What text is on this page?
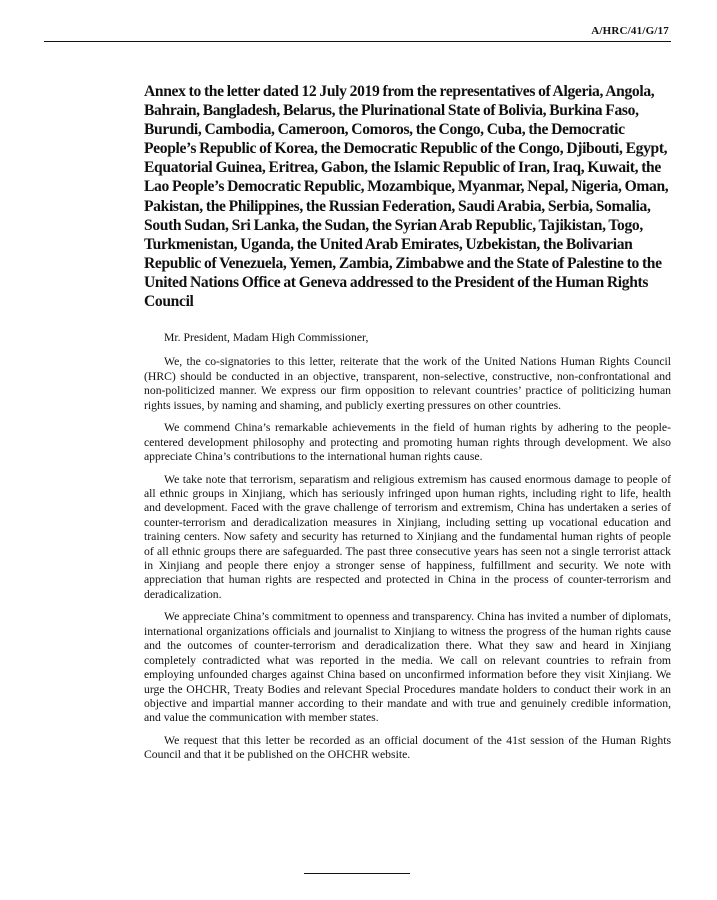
A/HRC/41/G/17
Annex to the letter dated 12 July 2019 from the representatives of Algeria, Angola, Bahrain, Bangladesh, Belarus, the Plurinational State of Bolivia, Burkina Faso, Burundi, Cambodia, Cameroon, Comoros, the Congo, Cuba, the Democratic People’s Republic of Korea, the Democratic Republic of the Congo, Djibouti, Egypt, Equatorial Guinea, Eritrea, Gabon, the Islamic Republic of Iran, Iraq, Kuwait, the Lao People’s Democratic Republic, Mozambique, Myanmar, Nepal, Nigeria, Oman, Pakistan, the Philippines, the Russian Federation, Saudi Arabia, Serbia, Somalia, South Sudan, Sri Lanka, the Sudan, the Syrian Arab Republic, Tajikistan, Togo, Turkmenistan, Uganda, the United Arab Emirates, Uzbekistan, the Bolivarian Republic of Venezuela, Yemen, Zambia, Zimbabwe and the State of Palestine to the United Nations Office at Geneva addressed to the President of the Human Rights Council

Mr. President, Madam High Commissioner,

We, the co-signatories to this letter, reiterate that the work of the United Nations Human Rights Council (HRC) should be conducted in an objective, transparent, non-selective, constructive, non-confrontational and non-politicized manner. We express our firm opposition to relevant countries’ practice of politicizing human rights issues, by naming and shaming, and publicly exerting pressures on other countries.

We commend China’s remarkable achievements in the field of human rights by adhering to the people-centered development philosophy and protecting and promoting human rights through development. We also appreciate China’s contributions to the international human rights cause.

We take note that terrorism, separatism and religious extremism has caused enormous damage to people of all ethnic groups in Xinjiang, which has seriously infringed upon human rights, including right to life, health and development. Faced with the grave challenge of terrorism and extremism, China has undertaken a series of counter-terrorism and deradicalization measures in Xinjiang, including setting up vocational education and training centers. Now safety and security has returned to Xinjiang and the fundamental human rights of people of all ethnic groups there are safeguarded. The past three consecutive years has seen not a single terrorist attack in Xinjiang and people there enjoy a stronger sense of happiness, fulfillment and security. We note with appreciation that human rights are respected and protected in China in the process of counter-terrorism and deradicalization.

We appreciate China’s commitment to openness and transparency. China has invited a number of diplomats, international organizations officials and journalist to Xinjiang to witness the progress of the human rights cause and the outcomes of counter-terrorism and deradicalization there. What they saw and heard in Xinjiang completely contradicted what was reported in the media. We call on relevant countries to refrain from employing unfounded charges against China based on unconfirmed information before they visit Xinjiang. We urge the OHCHR, Treaty Bodies and relevant Special Procedures mandate holders to conduct their work in an objective and impartial manner according to their mandate and with true and genuinely credible information, and value the communication with member states.

We request that this letter be recorded as an official document of the 41st session of the Human Rights Council and that it be published on the OHCHR website.
